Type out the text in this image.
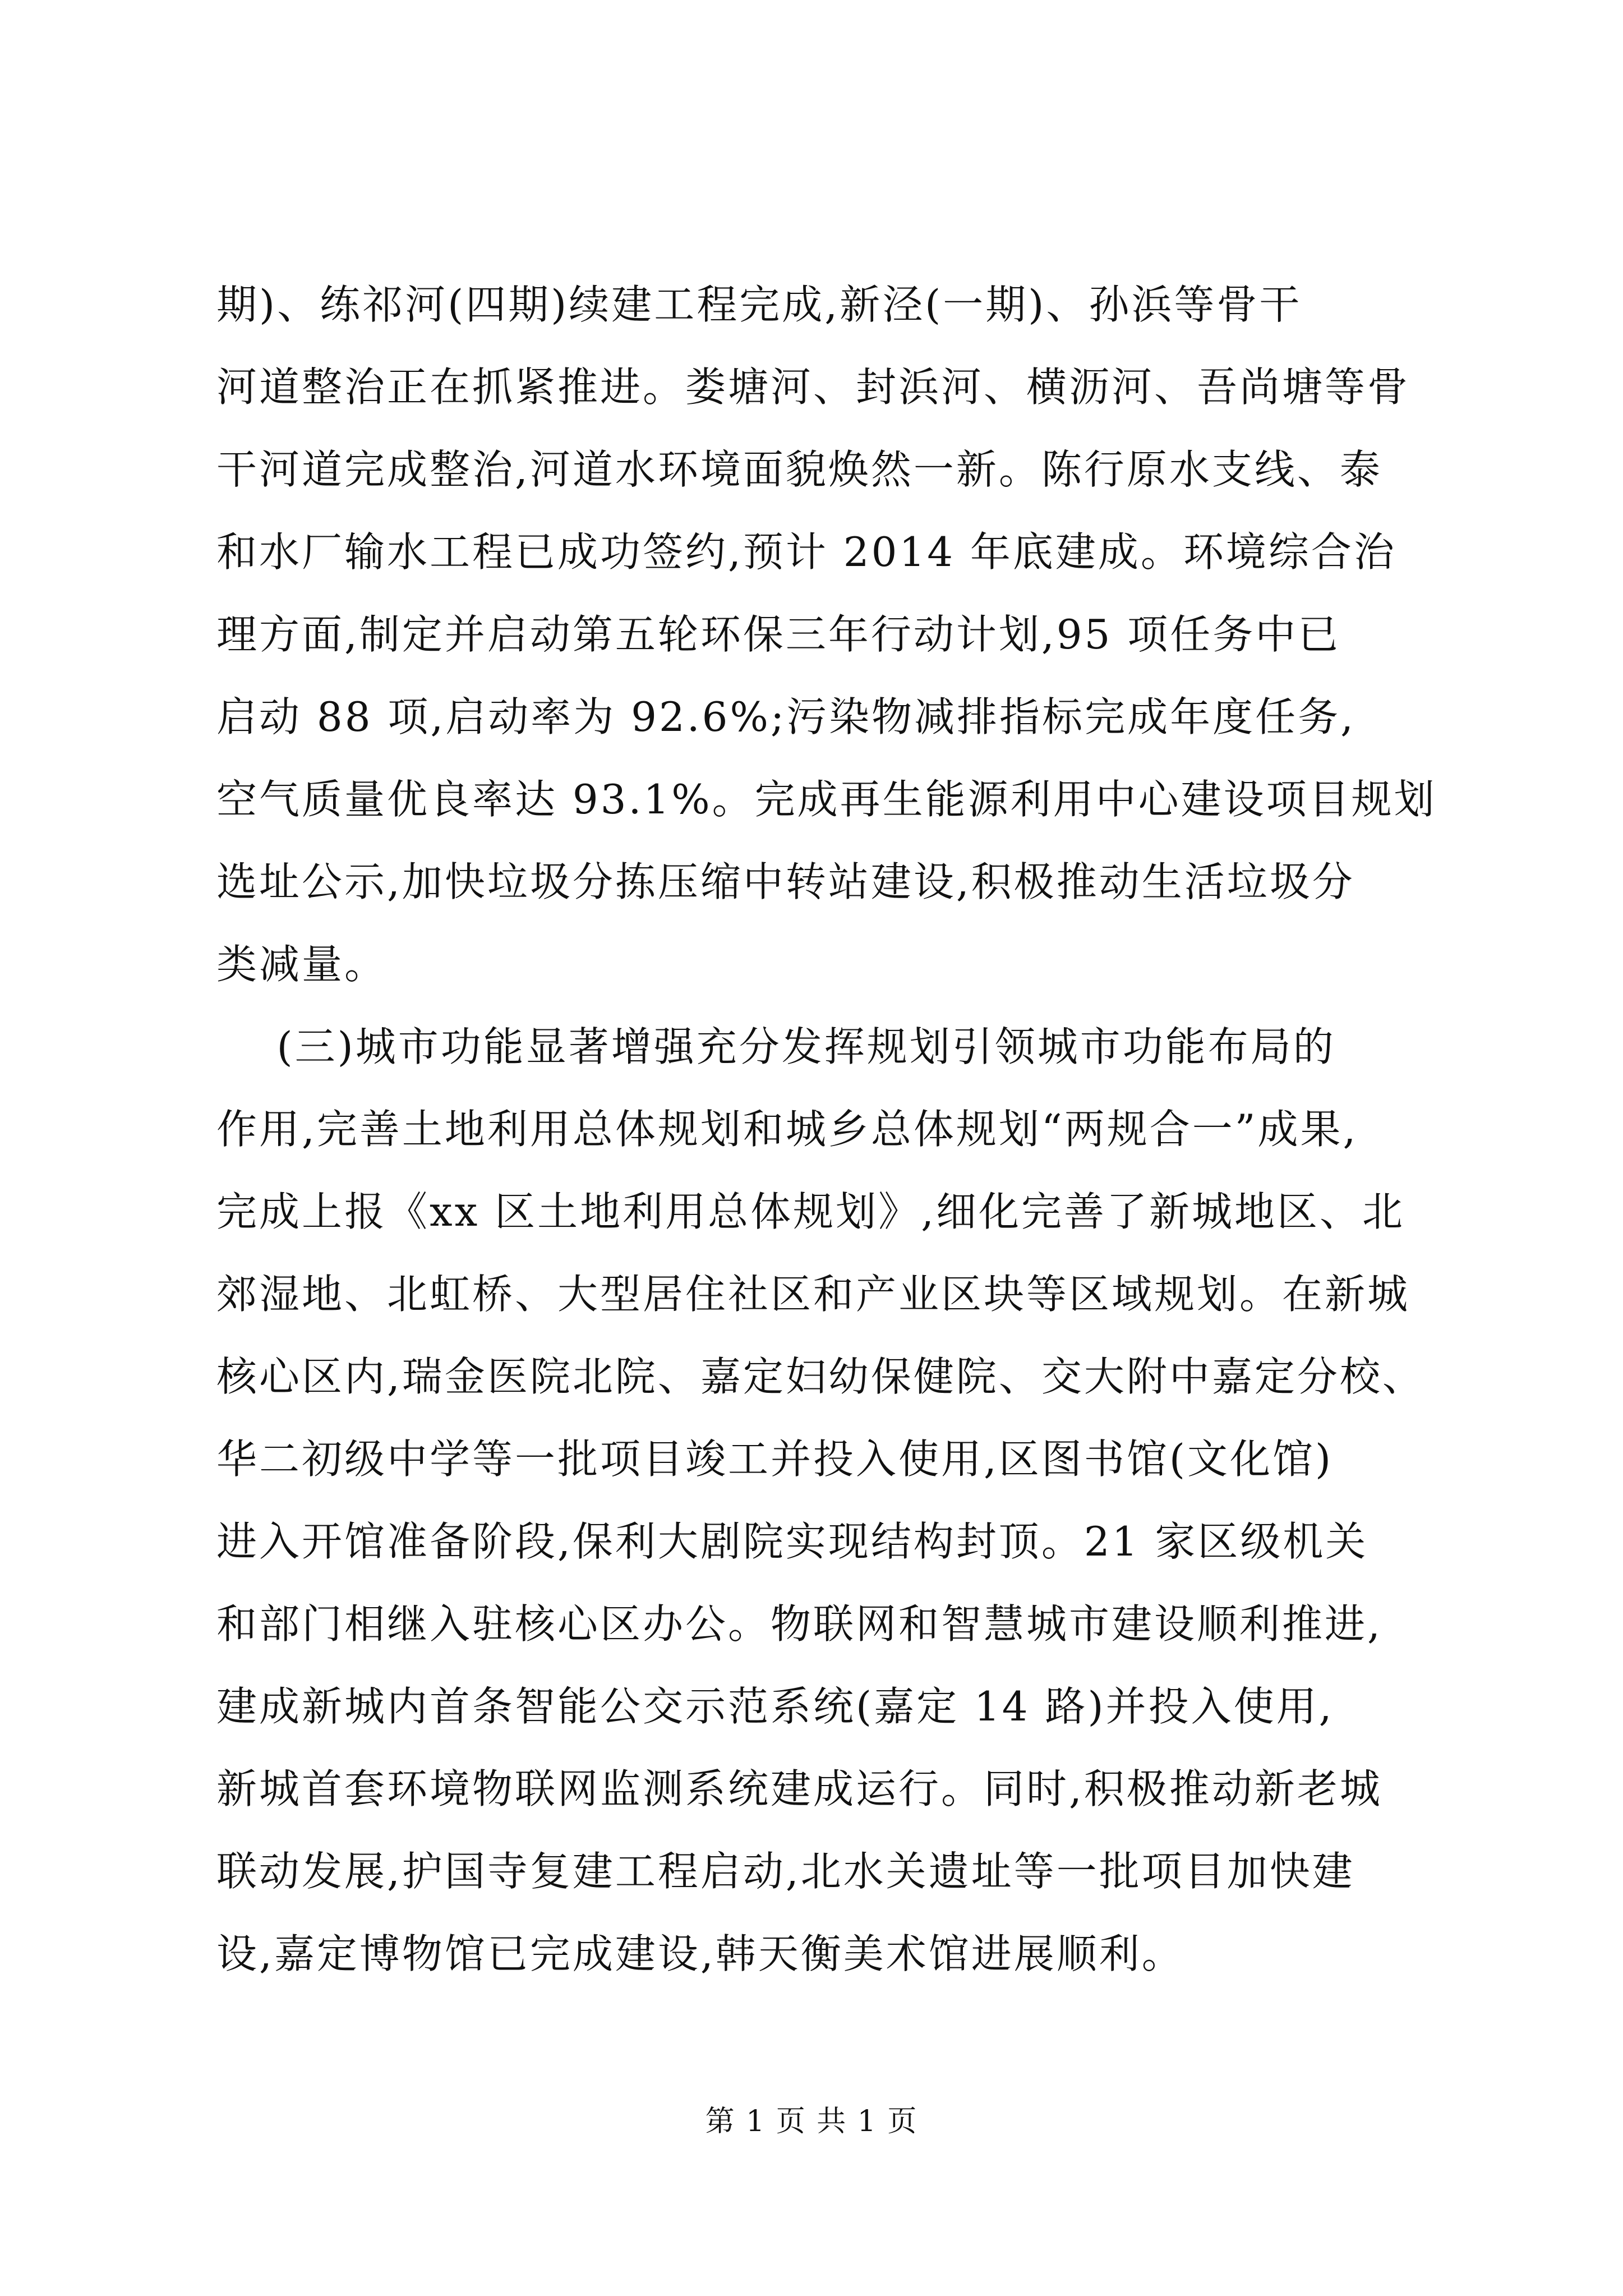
期)、练祁河(四期)续建工程完成,新泾(一期)、孙浜等骨干
河道整治正在抓紧推进。娄塘河、封浜河、横沥河、吾尚塘等骨
干河道完成整治,河道水环境面貌焕然一新。陈行原水支线、泰
和水厂输水工程已成功签约,预计 2014 年底建成。环境综合治
理方面,制定并启动第五轮环保三年行动计划,95 项任务中已
启动 88 项,启动率为 92.6%;污染物减排指标完成年度任务,
空气质量优良率达 93.1%。完成再生能源利用中心建设项目规划
选址公示,加快垃圾分拣压缩中转站建设,积极推动生活垃圾分
类减量。
(三)城市功能显著增强充分发挥规划引领城市功能布局的
作用,完善土地利用总体规划和城乡总体规划“两规合一”成果,
完成上报《xx 区土地利用总体规划》,细化完善了新城地区、北
郊湿地、北虹桥、大型居住社区和产业区块等区域规划。在新城
核心区内,瑞金医院北院、嘉定妇幼保健院、交大附中嘉定分校、
华二初级中学等一批项目竣工并投入使用,区图书馆(文化馆)
进入开馆准备阶段,保利大剧院实现结构封顶。21 家区级机关
和部门相继入驻核心区办公。物联网和智慧城市建设顺利推进,
建成新城内首条智能公交示范系统(嘉定 14 路)并投入使用,
新城首套环境物联网监测系统建成运行。同时,积极推动新老城
联动发展,护国寺复建工程启动,北水关遗址等一批项目加快建
设,嘉定博物馆已完成建设,韩天衡美术馆进展顺利。
第 1 页 共 1 页
